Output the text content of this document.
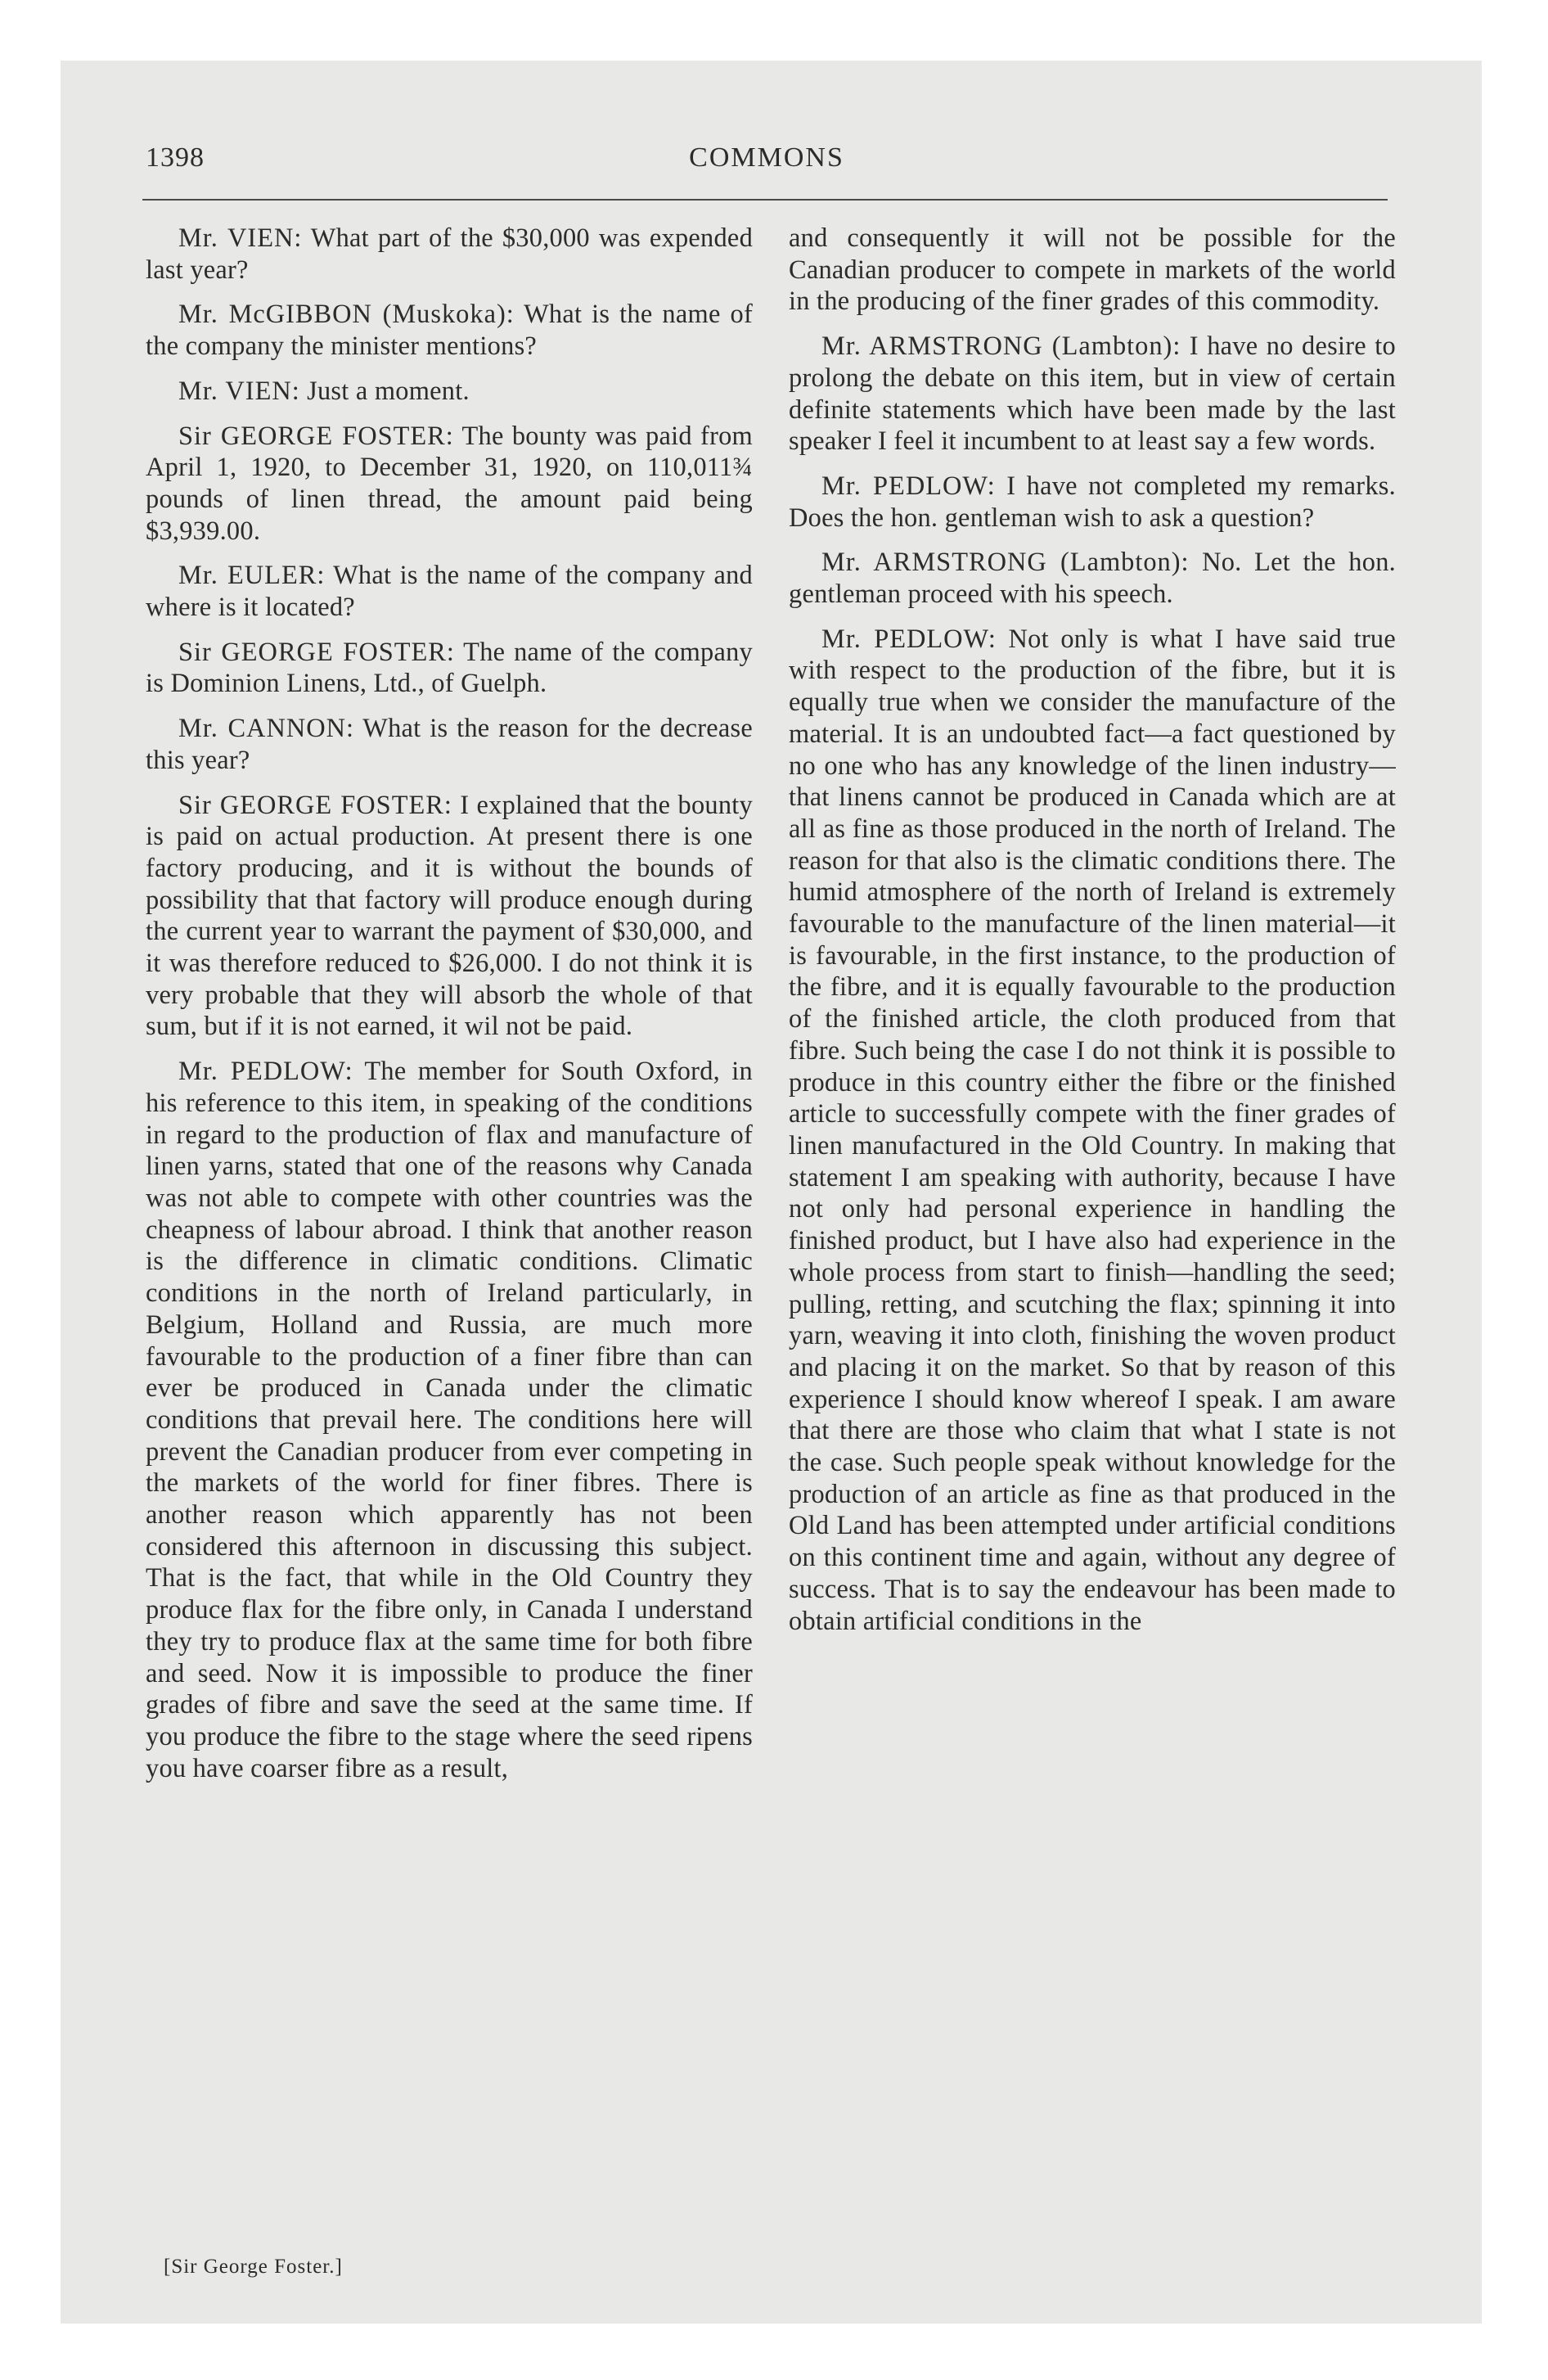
1398	COMMONS

Mr. VIEN: What part of the $30,000 was expended last year?

Mr. McGIBBON (Muskoka): What is the name of the company the minister mentions?

Mr. VIEN: Just a moment.

Sir GEORGE FOSTER: The bounty was paid from April 1, 1920, to December 31, 1920, on 110,011¾ pounds of linen thread, the amount paid being $3,939.00.

Mr. EULER: What is the name of the company and where is it located?

Sir GEORGE FOSTER: The name of the company is Dominion Linens, Ltd., of Guelph.

Mr. CANNON: What is the reason for the decrease this year?

Sir GEORGE FOSTER: I explained that the bounty is paid on actual production. At present there is one factory producing, and it is without the bounds of possibility that that factory will produce enough during the current year to warrant the payment of $30,000, and it was therefore reduced to $26,000. I do not think it is very probable that they will absorb the whole of that sum, but if it is not earned, it wil not be paid.

Mr. PEDLOW: The member for South Oxford, in his reference to this item, in speaking of the conditions in regard to the production of flax and manufacture of linen yarns, stated that one of the reasons why Canada was not able to compete with other countries was the cheapness of labour abroad. I think that another reason is the difference in climatic conditions. Climatic conditions in the north of Ireland particularly, in Belgium, Holland and Russia, are much more favourable to the production of a finer fibre than can ever be produced in Canada under the climatic conditions that prevail here. The conditions here will prevent the Canadian producer from ever competing in the markets of the world for finer fibres. There is another reason which apparently has not been considered this afternoon in discussing this subject. That is the fact, that while in the Old Country they produce flax for the fibre only, in Canada I understand they try to produce flax at the same time for both fibre and seed. Now it is impossible to produce the finer grades of fibre and save the seed at the same time. If you produce the fibre to the stage where the seed ripens you have coarser fibre as a result,

and consequently it will not be possible for the Canadian producer to compete in markets of the world in the producing of the finer grades of this commodity.

Mr. ARMSTRONG (Lambton): I have no desire to prolong the debate on this item, but in view of certain definite statements which have been made by the last speaker I feel it incumbent to at least say a few words.

Mr. PEDLOW: I have not completed my remarks. Does the hon. gentleman wish to ask a question?

Mr. ARMSTRONG (Lambton): No. Let the hon. gentleman proceed with his speech.

Mr. PEDLOW: Not only is what I have said true with respect to the production of the fibre, but it is equally true when we consider the manufacture of the material. It is an undoubted fact—a fact questioned by no one who has any knowledge of the linen industry—that linens cannot be produced in Canada which are at all as fine as those produced in the north of Ireland. The reason for that also is the climatic conditions there. The humid atmosphere of the north of Ireland is extremely favourable to the manufacture of the linen material—it is favourable, in the first instance, to the production of the fibre, and it is equally favourable to the production of the finished article, the cloth produced from that fibre. Such being the case I do not think it is possible to produce in this country either the fibre or the finished article to successfully compete with the finer grades of linen manufactured in the Old Country. In making that statement I am speaking with authority, because I have not only had personal experience in handling the finished product, but I have also had experience in the whole process from start to finish—handling the seed; pulling, retting, and scutching the flax; spinning it into yarn, weaving it into cloth, finishing the woven product and placing it on the market. So that by reason of this experience I should know whereof I speak. I am aware that there are those who claim that what I state is not the case. Such people speak without knowledge for the production of an article as fine as that produced in the Old Land has been attempted under artificial conditions on this continent time and again, without any degree of success. That is to say the endeavour has been made to obtain artificial conditions in the

[Sir George Foster.]
